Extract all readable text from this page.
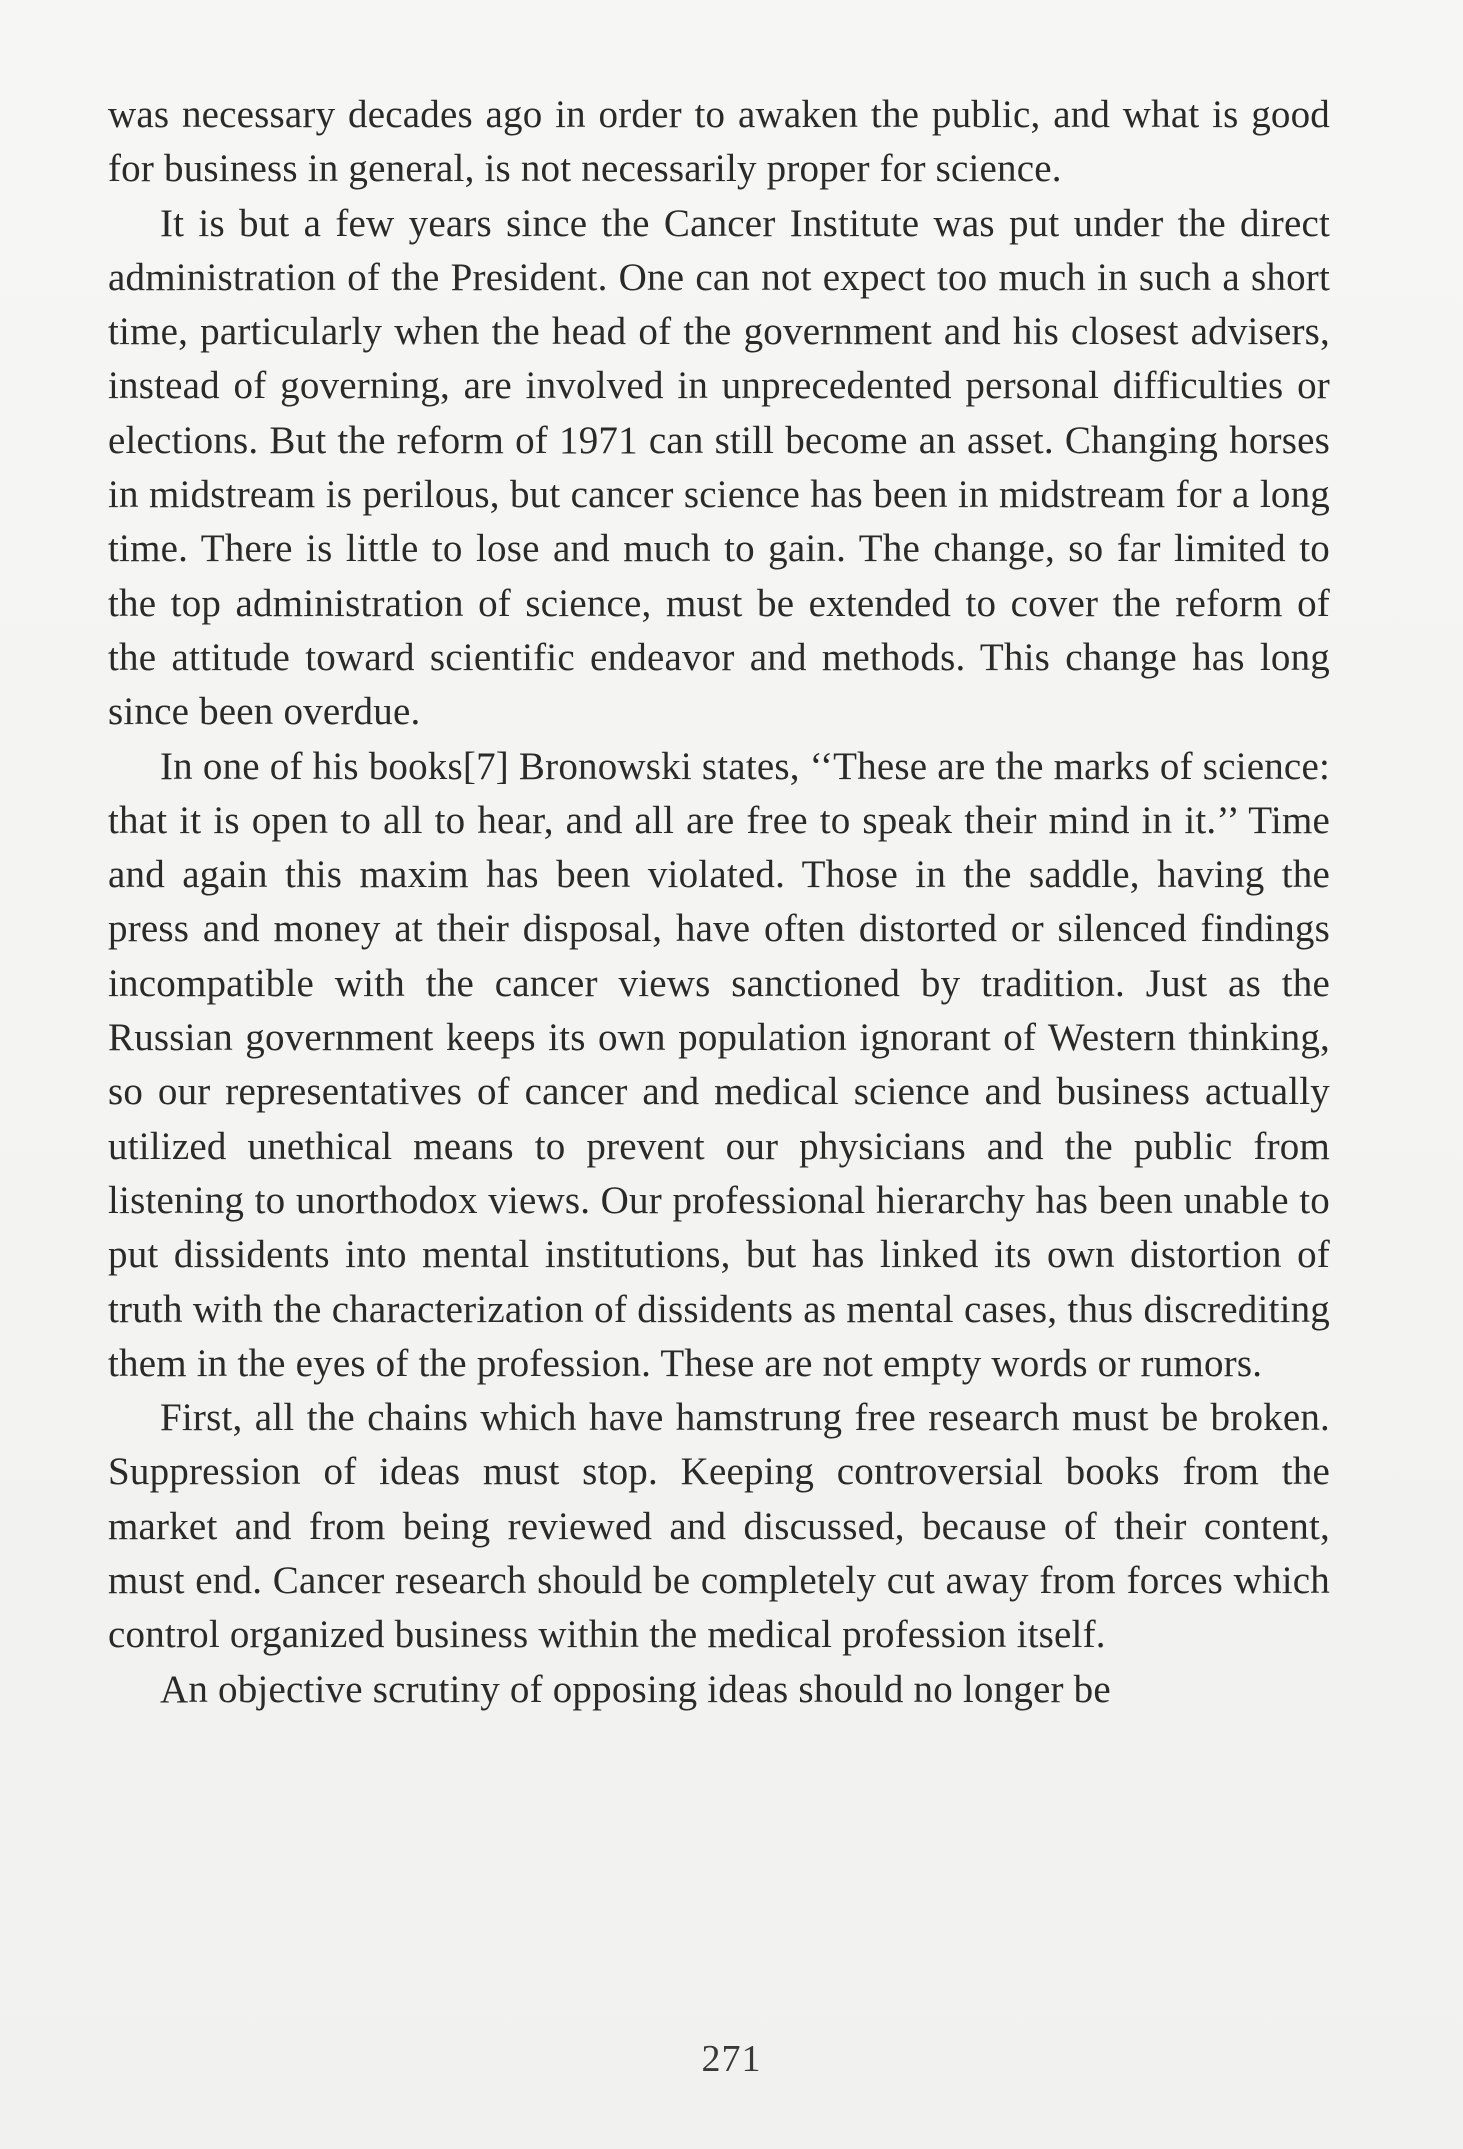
was necessary decades ago in order to awaken the public, and what is good for business in general, is not necessarily proper for science.

It is but a few years since the Cancer Institute was put under the direct administration of the President. One can not expect too much in such a short time, particularly when the head of the government and his closest advisers, instead of governing, are involved in unprecedented personal difficulties or elections. But the reform of 1971 can still become an asset. Changing horses in midstream is perilous, but cancer science has been in midstream for a long time. There is little to lose and much to gain. The change, so far limited to the top administration of science, must be extended to cover the reform of the attitude toward scientific endeavor and methods. This change has long since been overdue.

In one of his books[7] Bronowski states, ‘‘These are the marks of science: that it is open to all to hear, and all are free to speak their mind in it.’’ Time and again this maxim has been violated. Those in the saddle, having the press and money at their disposal, have often distorted or silenced findings incompatible with the cancer views sanctioned by tradition. Just as the Russian government keeps its own population ignorant of Western thinking, so our representatives of cancer and medical science and business actually utilized unethical means to prevent our physicians and the public from listening to unorthodox views. Our professional hierarchy has been unable to put dissidents into mental institutions, but has linked its own distortion of truth with the characterization of dissidents as mental cases, thus discrediting them in the eyes of the profession. These are not empty words or rumors.

First, all the chains which have hamstrung free research must be broken. Suppression of ideas must stop. Keeping controversial books from the market and from being reviewed and discussed, because of their content, must end. Cancer research should be completely cut away from forces which control organized business within the medical profession itself.

An objective scrutiny of opposing ideas should no longer be

271
